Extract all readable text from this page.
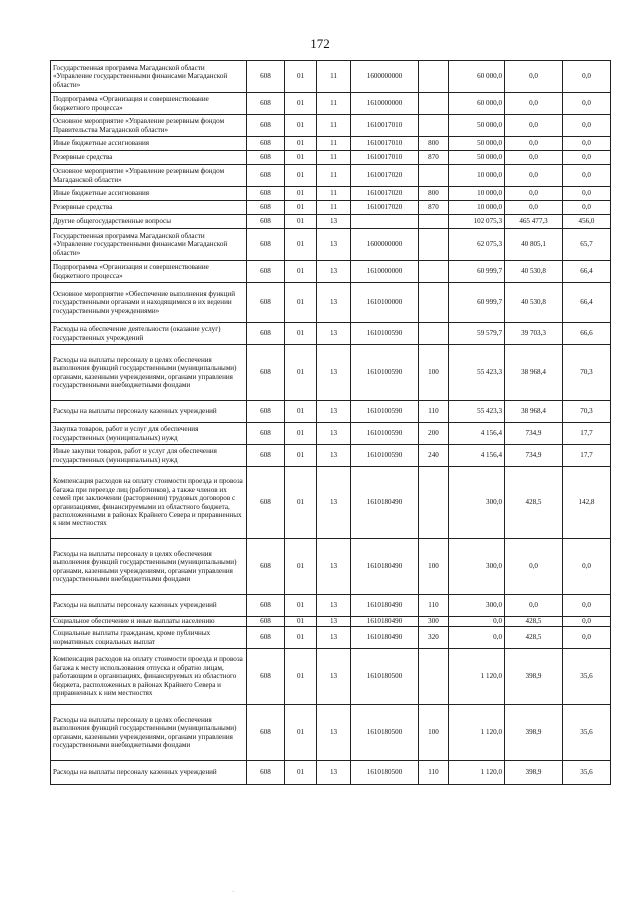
172
Государственная программа Магаданской области «Управление государственными финансами Магаданской области»	608	01	11	1600000000		60 000,0	0,0	0,0
Подпрограмма «Организация и совершенствование бюджетного процесса»	608	01	11	1610000000		60 000,0	0,0	0,0
Основное мероприятие «Управление резервным фондом Правительства Магаданской области»	608	01	11	1610017010		50 000,0	0,0	0,0
Иные бюджетные ассигнования	608	01	11	1610017010	800	50 000,0	0,0	0,0
Резервные средства	608	01	11	1610017010	870	50 000,0	0,0	0,0
Основное мероприятие «Управление резервным фондом Магаданской области»	608	01	11	1610017020		10 000,0	0,0	0,0
Иные бюджетные ассигнования	608	01	11	1610017020	800	10 000,0	0,0	0,0
Резервные средства	608	01	11	1610017020	870	10 000,0	0,0	0,0
Другие общегосударственные вопросы	608	01	13			102 075,3	465 477,3	456,0
Государственная программа Магаданской области «Управление государственными финансами Магаданской области»	608	01	13	1600000000		62 075,3	40 805,1	65,7
Подпрограмма «Организация и совершенствование бюджетного процесса»	608	01	13	1610000000		60 999,7	40 530,8	66,4
Основное мероприятие «Обеспечение выполнения функций государственными органами и находящимися в их ведении государственными учреждениями»	608	01	13	1610100000		60 999,7	40 530,8	66,4
Расходы на обеспечение деятельности (оказание услуг) государственных учреждений	608	01	13	1610100590		59 579,7	39 703,3	66,6
Расходы на выплаты персоналу в целях обеспечения выполнения функций государственными (муниципальными) органами, казенными учреждениями, органами управления государственными внебюджетными фондами	608	01	13	1610100590	100	55 423,3	38 968,4	70,3
Расходы на выплаты персоналу казенных учреждений	608	01	13	1610100590	110	55 423,3	38 968,4	70,3
Закупка товаров, работ и услуг для обеспечения государственных (муниципальных) нужд	608	01	13	1610100590	200	4 156,4	734,9	17,7
Иные закупки товаров, работ и услуг для обеспечения государственных (муниципальных) нужд	608	01	13	1610100590	240	4 156,4	734,9	17,7
Компенсация расходов на оплату стоимости проезда и провоза багажа при переезде лиц (работников), а также членов их семей при заключении (расторжении) трудовых договоров с организациями, финансируемыми из областного бюджета, расположенными в районах Крайнего Севера и приравненных к ним местностях	608	01	13	1610180490		300,0	428,5	142,8
Расходы на выплаты персоналу в целях обеспечения выполнения функций государственными (муниципальными) органами, казенными учреждениями, органами управления государственными внебюджетными фондами	608	01	13	1610180490	100	300,0	0,0	0,0
Расходы на выплаты персоналу казенных учреждений	608	01	13	1610180490	110	300,0	0,0	0,0
Социальное обеспечение и иные выплаты населению	608	01	13	1610180490	300	0,0	428,5	0,0
Социальные выплаты гражданам, кроме публичных нормативных социальных выплат	608	01	13	1610180490	320	0,0	428,5	0,0
Компенсация расходов на оплату стоимости проезда и провоза багажа к месту использования отпуска и обратно лицам, работающим в организациях, финансируемых из областного бюджета, расположенных в районах Крайнего Севера и приравненных к ним местностях	608	01	13	1610180500		1 120,0	398,9	35,6
Расходы на выплаты персоналу в целях обеспечения выполнения функций государственными (муниципальными) органами, казенными учреждениями, органами управления государственными внебюджетными фондами	608	01	13	1610180500	100	1 120,0	398,9	35,6
Расходы на выплаты персоналу казенных учреждений	608	01	13	1610180500	110	1 120,0	398,9	35,6
·
